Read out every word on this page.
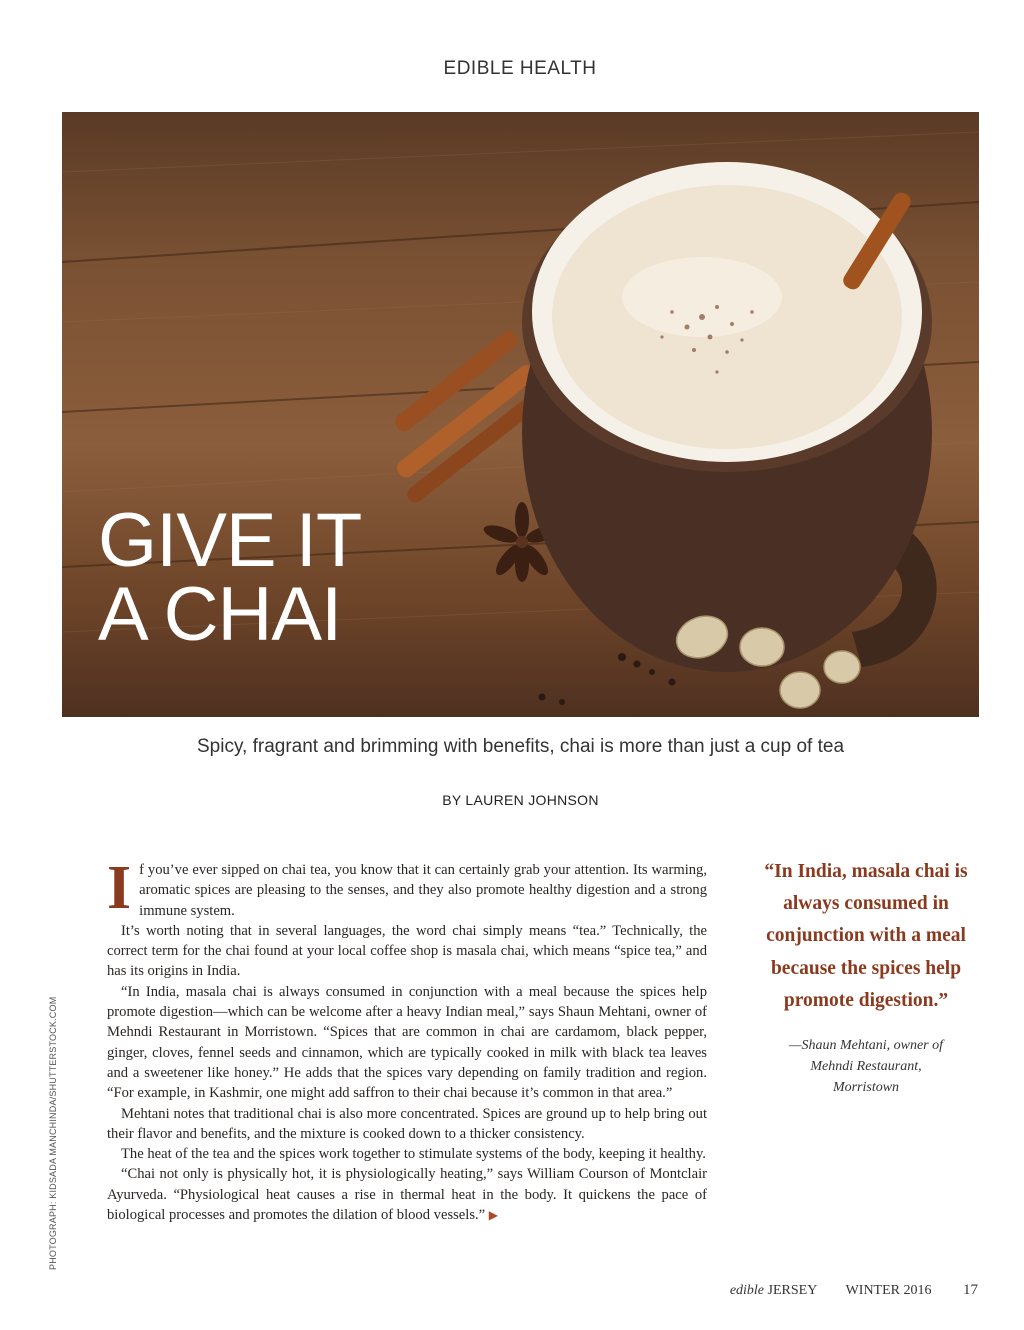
EDIBLE HEALTH
GIVE IT
A CHAI
Spicy, fragrant and brimming with benefits, chai is more than just a cup of tea
BY LAUREN JOHNSON
PHOTOGRAPH: KIDSADA MANCHINDA/SHUTTERSTOCK.COM

If you’ve ever sipped on chai tea, you know that it can certainly grab your attention. Its warming, aromatic spices are pleasing to the senses, and they also promote healthy digestion and a strong immune system.

It’s worth noting that in several languages, the word chai simply means “tea.” Technically, the correct term for the chai found at your local coffee shop is masala chai, which means “spice tea,” and has its origins in India.

“In India, masala chai is always consumed in conjunction with a meal because the spices help promote digestion—which can be welcome after a heavy Indian meal,” says Shaun Mehtani, owner of Mehndi Restaurant in Morristown. “Spices that are common in chai are cardamom, black pepper, ginger, cloves, fennel seeds and cinnamon, which are typically cooked in milk with black tea leaves and a sweetener like honey.” He adds that the spices vary depending on family tradition and region. “For example, in Kashmir, one might add saffron to their chai because it’s common in that area.”

Mehtani notes that traditional chai is also more concentrated. Spices are ground up to help bring out their flavor and benefits, and the mixture is cooked down to a thicker consistency.

The heat of the tea and the spices work together to stimulate systems of the body, keeping it healthy.

“Chai not only is physically hot, it is physiologically heating,” says William Courson of Montclair Ayurveda. “Physiological heat causes a rise in thermal heat in the body. It quickens the pace of biological processes and promotes the dilation of blood vessels.” ▶

“In India, masala chai is always consumed in conjunction with a meal because the spices help promote digestion.”

—Shaun Mehtani, owner of
Mehndi Restaurant,
Morristown
edible JERSEY WINTER 2016 17
